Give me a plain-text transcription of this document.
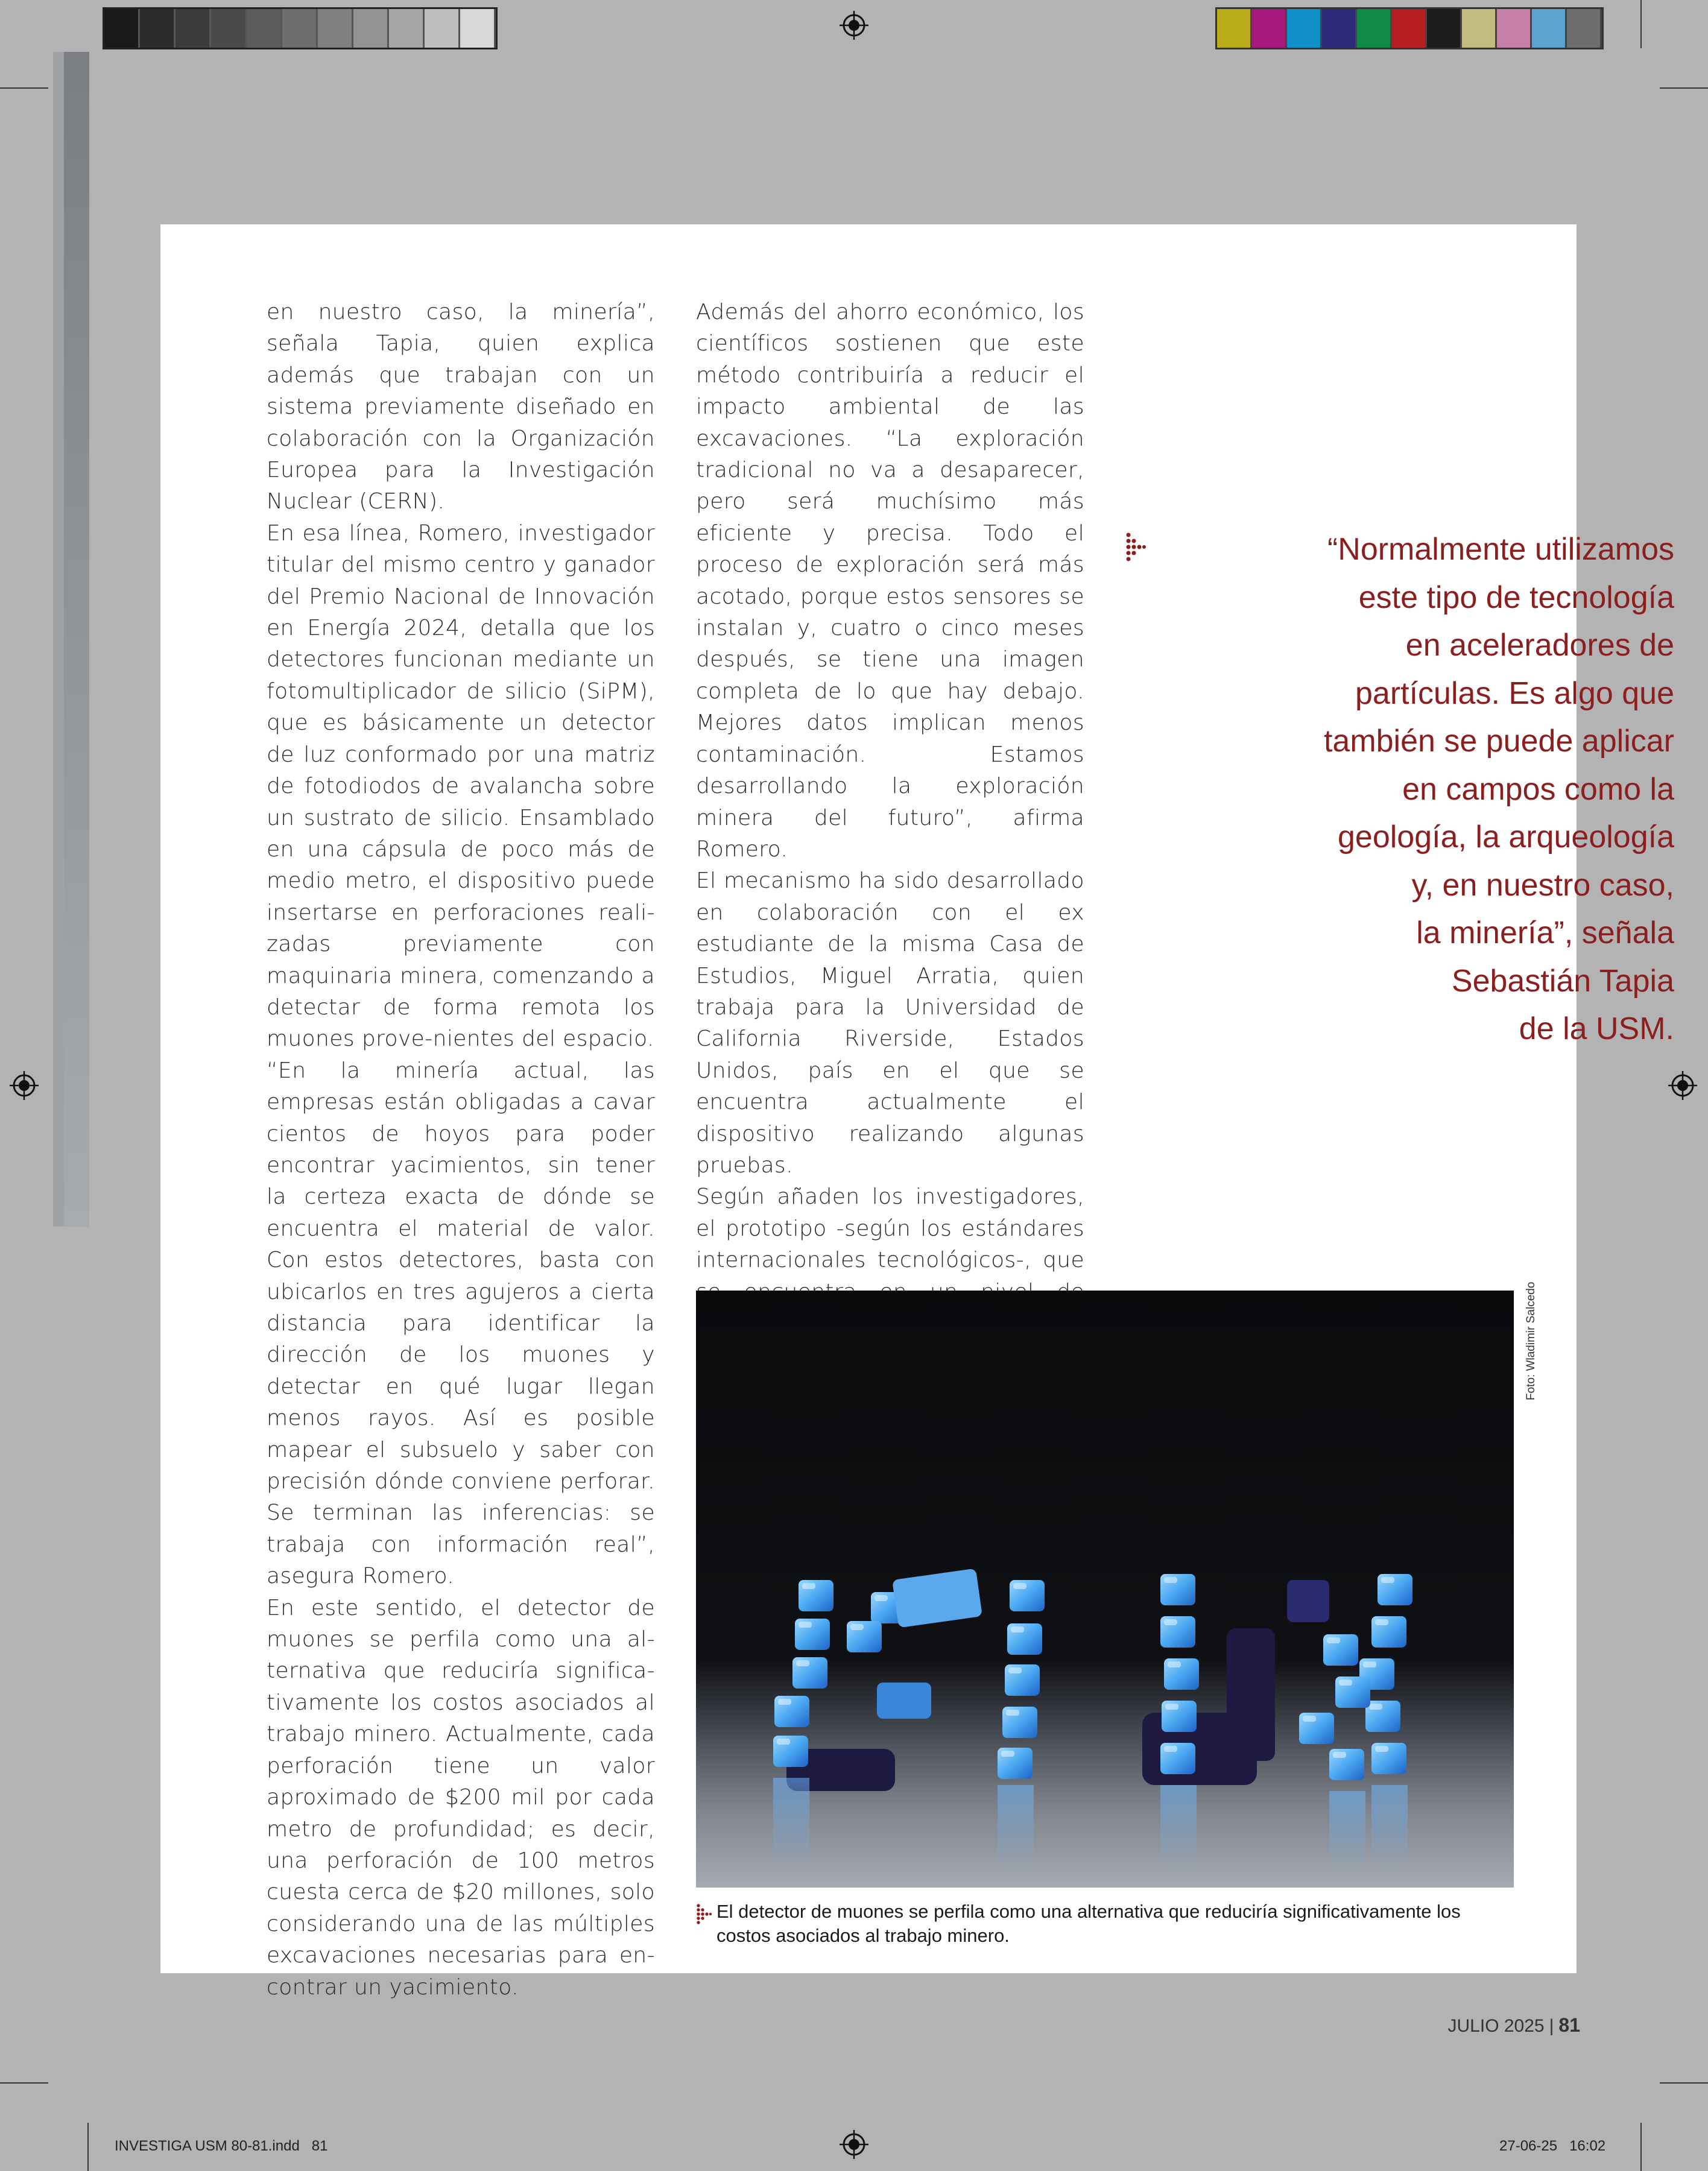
en nuestro caso, la minería”, señala Tapia, quien explica además que trabajan con un sistema previamente diseñado en colaboración con la Organización Europea para la Investigación Nuclear (CERN).

En esa línea, Romero, investigador titular del mismo centro y ganador del Premio Nacional de Innovación en Energía 2024, detalla que los detectores funcionan mediante un fotomultiplicador de silicio (SiPM), que es básicamente un detector de luz conformado por una matriz de fotodiodos de avalancha sobre un sustrato de silicio. Ensamblado en una cápsula de poco más de medio metro, el dispositivo puede insertarse en perforaciones reali-zadas previamente con maquinaria minera, comenzando a detectar de forma remota los muones prove-nientes del espacio.

“En la minería actual, las empresas están obligadas a cavar cientos de hoyos para poder encontrar yacimientos, sin tener la certeza exacta de dónde se encuentra el material de valor. Con estos detectores, basta con ubicarlos en tres agujeros a cierta distancia para identificar la dirección de los muones y detectar en qué lugar llegan menos rayos. Así es posible mapear el subsuelo y saber con precisión dónde conviene perforar. Se terminan las inferencias: se trabaja con información real”, asegura Romero.

En este sentido, el detector de muones se perfila como una al-ternativa que reduciría significa-tivamente los costos asociados al trabajo minero. Actualmente, cada perforación tiene un valor aproximado de $200 mil por cada metro de profundidad; es decir, una perforación de 100 metros cuesta cerca de $20 millones, solo considerando una de las múltiples excavaciones necesarias para en-contrar un yacimiento.

Además del ahorro económico, los científicos sostienen que este método contribuiría a reducir el impacto ambiental de las excavaciones. “La exploración tradicional no va a desaparecer, pero será muchísimo más eficiente y precisa. Todo el proceso de exploración será más acotado, porque estos sensores se instalan y, cuatro o cinco meses después, se tiene una imagen completa de lo que hay debajo. Mejores datos implican menos contaminación. Estamos desarrollando la exploración minera del futuro”, afirma Romero.

El mecanismo ha sido desarrollado en colaboración con el ex estudiante de la misma Casa de Estudios, Miguel Arratia, quien trabaja para la Universidad de California Riverside, Estados Unidos, país en el que se encuentra actualmente el dispositivo realizando algunas pruebas.

Según añaden los investigadores, el prototipo -según los estándares internacionales tecnológicos-, que

“Normalmente utilizamos
este tipo de tecnología
en aceleradores de
partículas. Es algo que
también se puede aplicar
en campos como la
geología, la arqueología
y, en nuestro caso,
la minería”, señala
Sebastián Tapia
de la USM.

Foto: Wladimir Salcedo

El detector de muones se perfila como una alternativa que reduciría significativamente los
costos asociados al trabajo minero.

JULIO 2025 | 81
INVESTIGA USM 80-81.indd   81	27-06-25   16:02
